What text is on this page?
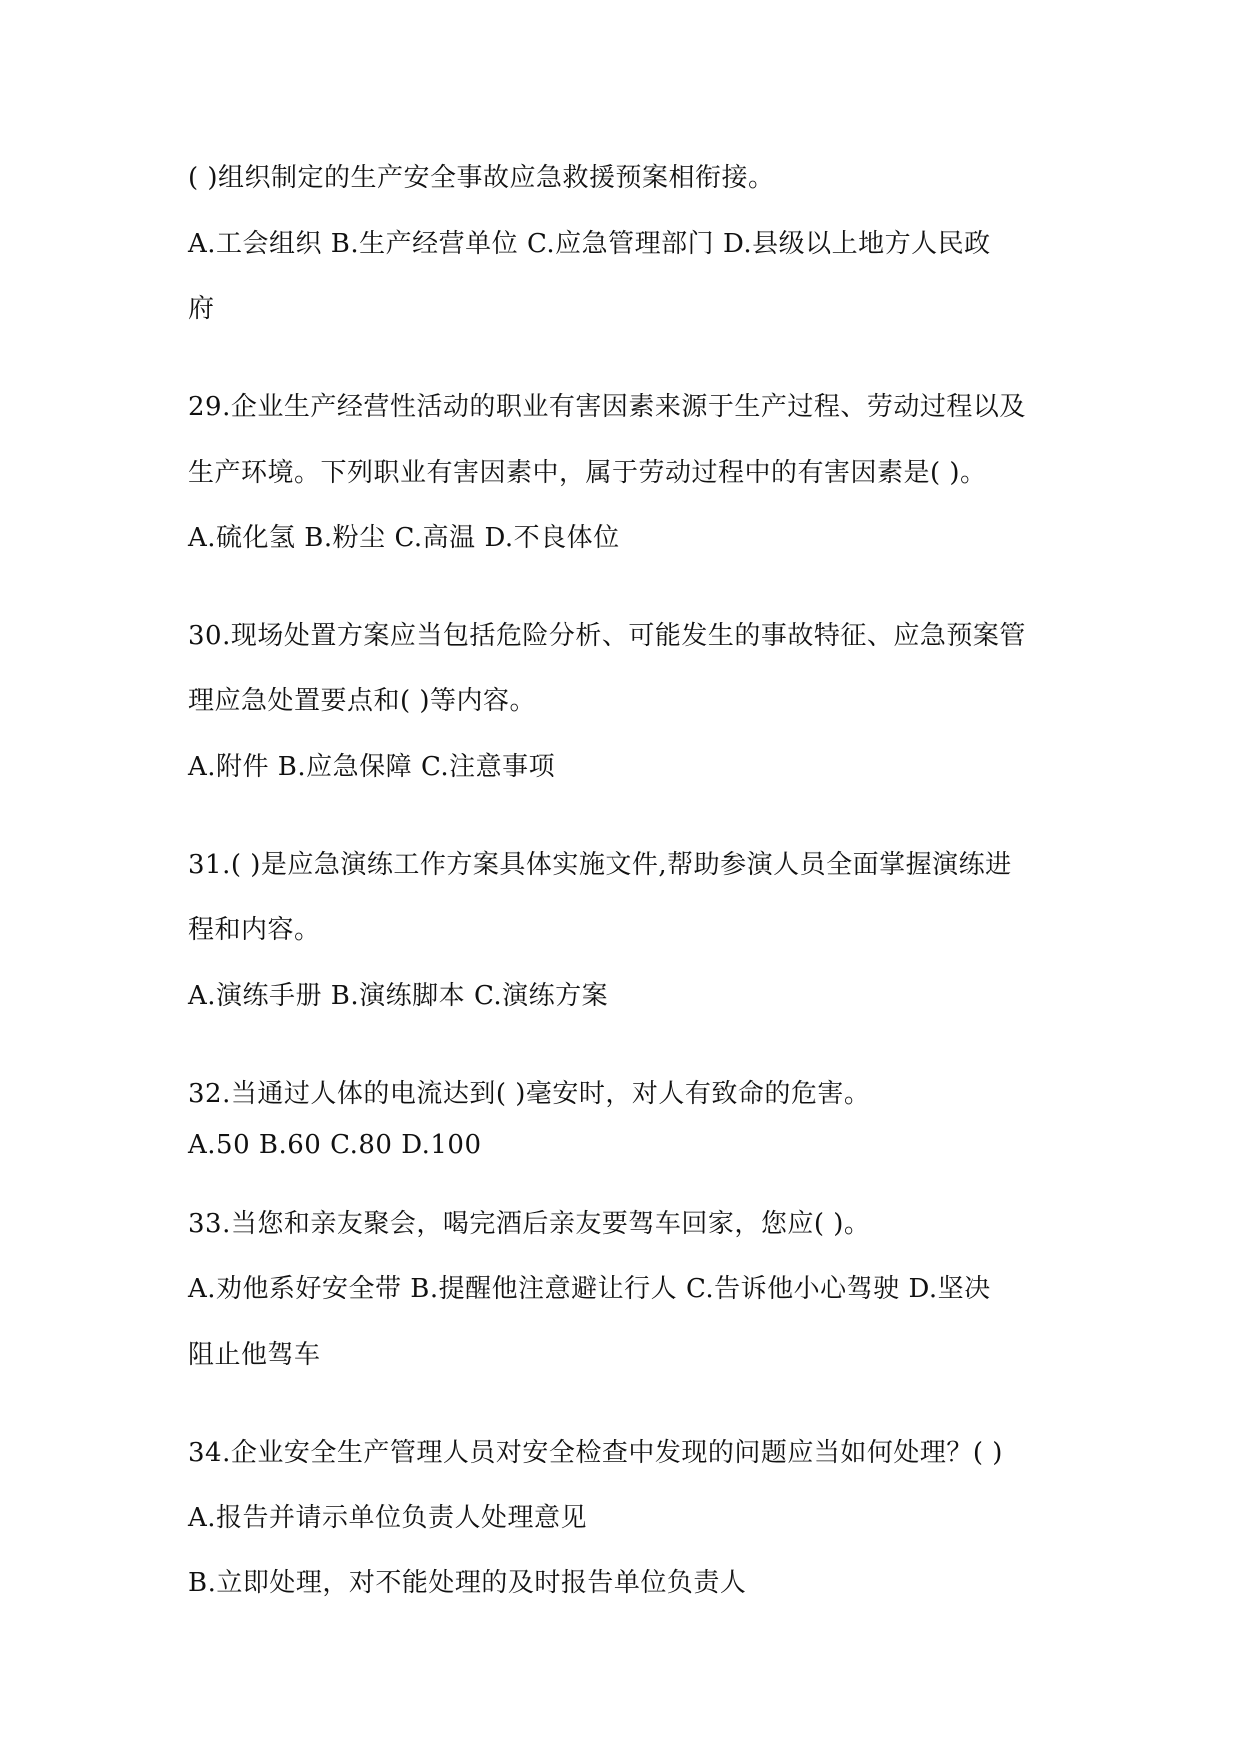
( )组织制定的生产安全事故应急救援预案相衔接。
A.工会组织 B.生产经营单位 C.应急管理部门 D.县级以上地方人民政
府
29.企业生产经营性活动的职业有害因素来源于生产过程、劳动过程以及
生产环境。下列职业有害因素中，属于劳动过程中的有害因素是( )。
A.硫化氢 B.粉尘 C.高温 D.不良体位
30.现场处置方案应当包括危险分析、可能发生的事故特征、应急预案管
理应急处置要点和( )等内容。
A.附件 B.应急保障 C.注意事项
31.( )是应急演练工作方案具体实施文件,帮助参演人员全面掌握演练进
程和内容。
A.演练手册 B.演练脚本 C.演练方案
32.当通过人体的电流达到( )毫安时，对人有致命的危害。
A.50 B.60 C.80 D.100
33.当您和亲友聚会，喝完酒后亲友要驾车回家，您应( )。
A.劝他系好安全带 B.提醒他注意避让行人 C.告诉他小心驾驶 D.坚决
阻止他驾车
34.企业安全生产管理人员对安全检查中发现的问题应当如何处理？( )
A.报告并请示单位负责人处理意见
B.立即处理，对不能处理的及时报告单位负责人
